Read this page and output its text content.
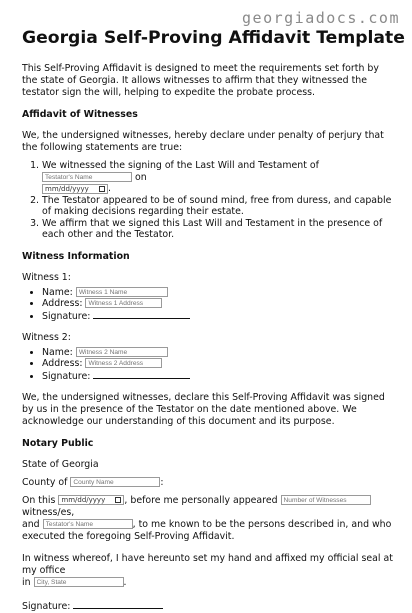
georgiadocs.com
Georgia Self-Proving Affidavit Template

This Self-Proving Affidavit is designed to meet the requirements set forth by the state of Georgia. It allows witnesses to affirm that they witnessed the testator sign the will, helping to expedite the probate process.

Affidavit of Witnesses

We, the undersigned witnesses, hereby declare under penalty of perjury that the following statements are true:

1. We witnessed the signing of the Last Will and Testament of Testator's Name on

mm/dd/yyyy .
2. The Testator appeared to be of sound mind, free from duress, and capable of making decisions regarding their estate.
3. We affirm that we signed this Last Will and Testament in the presence of each other and the Testator.
Witness Information

Witness 1:

• Name: Witness 1 Name
• Address: Witness 1 Address
• Signature:

Witness 2:

• Name: Witness 2 Name
• Address: Witness 2 Address
• Signature:

We, the undersigned witnesses, declare this Self-Proving Affidavit was signed by us in the presence of the Testator on the date mentioned above. We acknowledge our understanding of this document and its purpose.

Notary Public

State of Georgia

County of County Name	:

On this mm/dd/yyyy , before me personally appeared Number of Witnesses witness/es,
and Testator's Name	, to me known to be the persons described in, and who
executed the foregoing Self-Proving Affidavit.

In witness whereof, I have hereunto set my hand and affixed my official seal at my office
in City, State	.

Signature:
